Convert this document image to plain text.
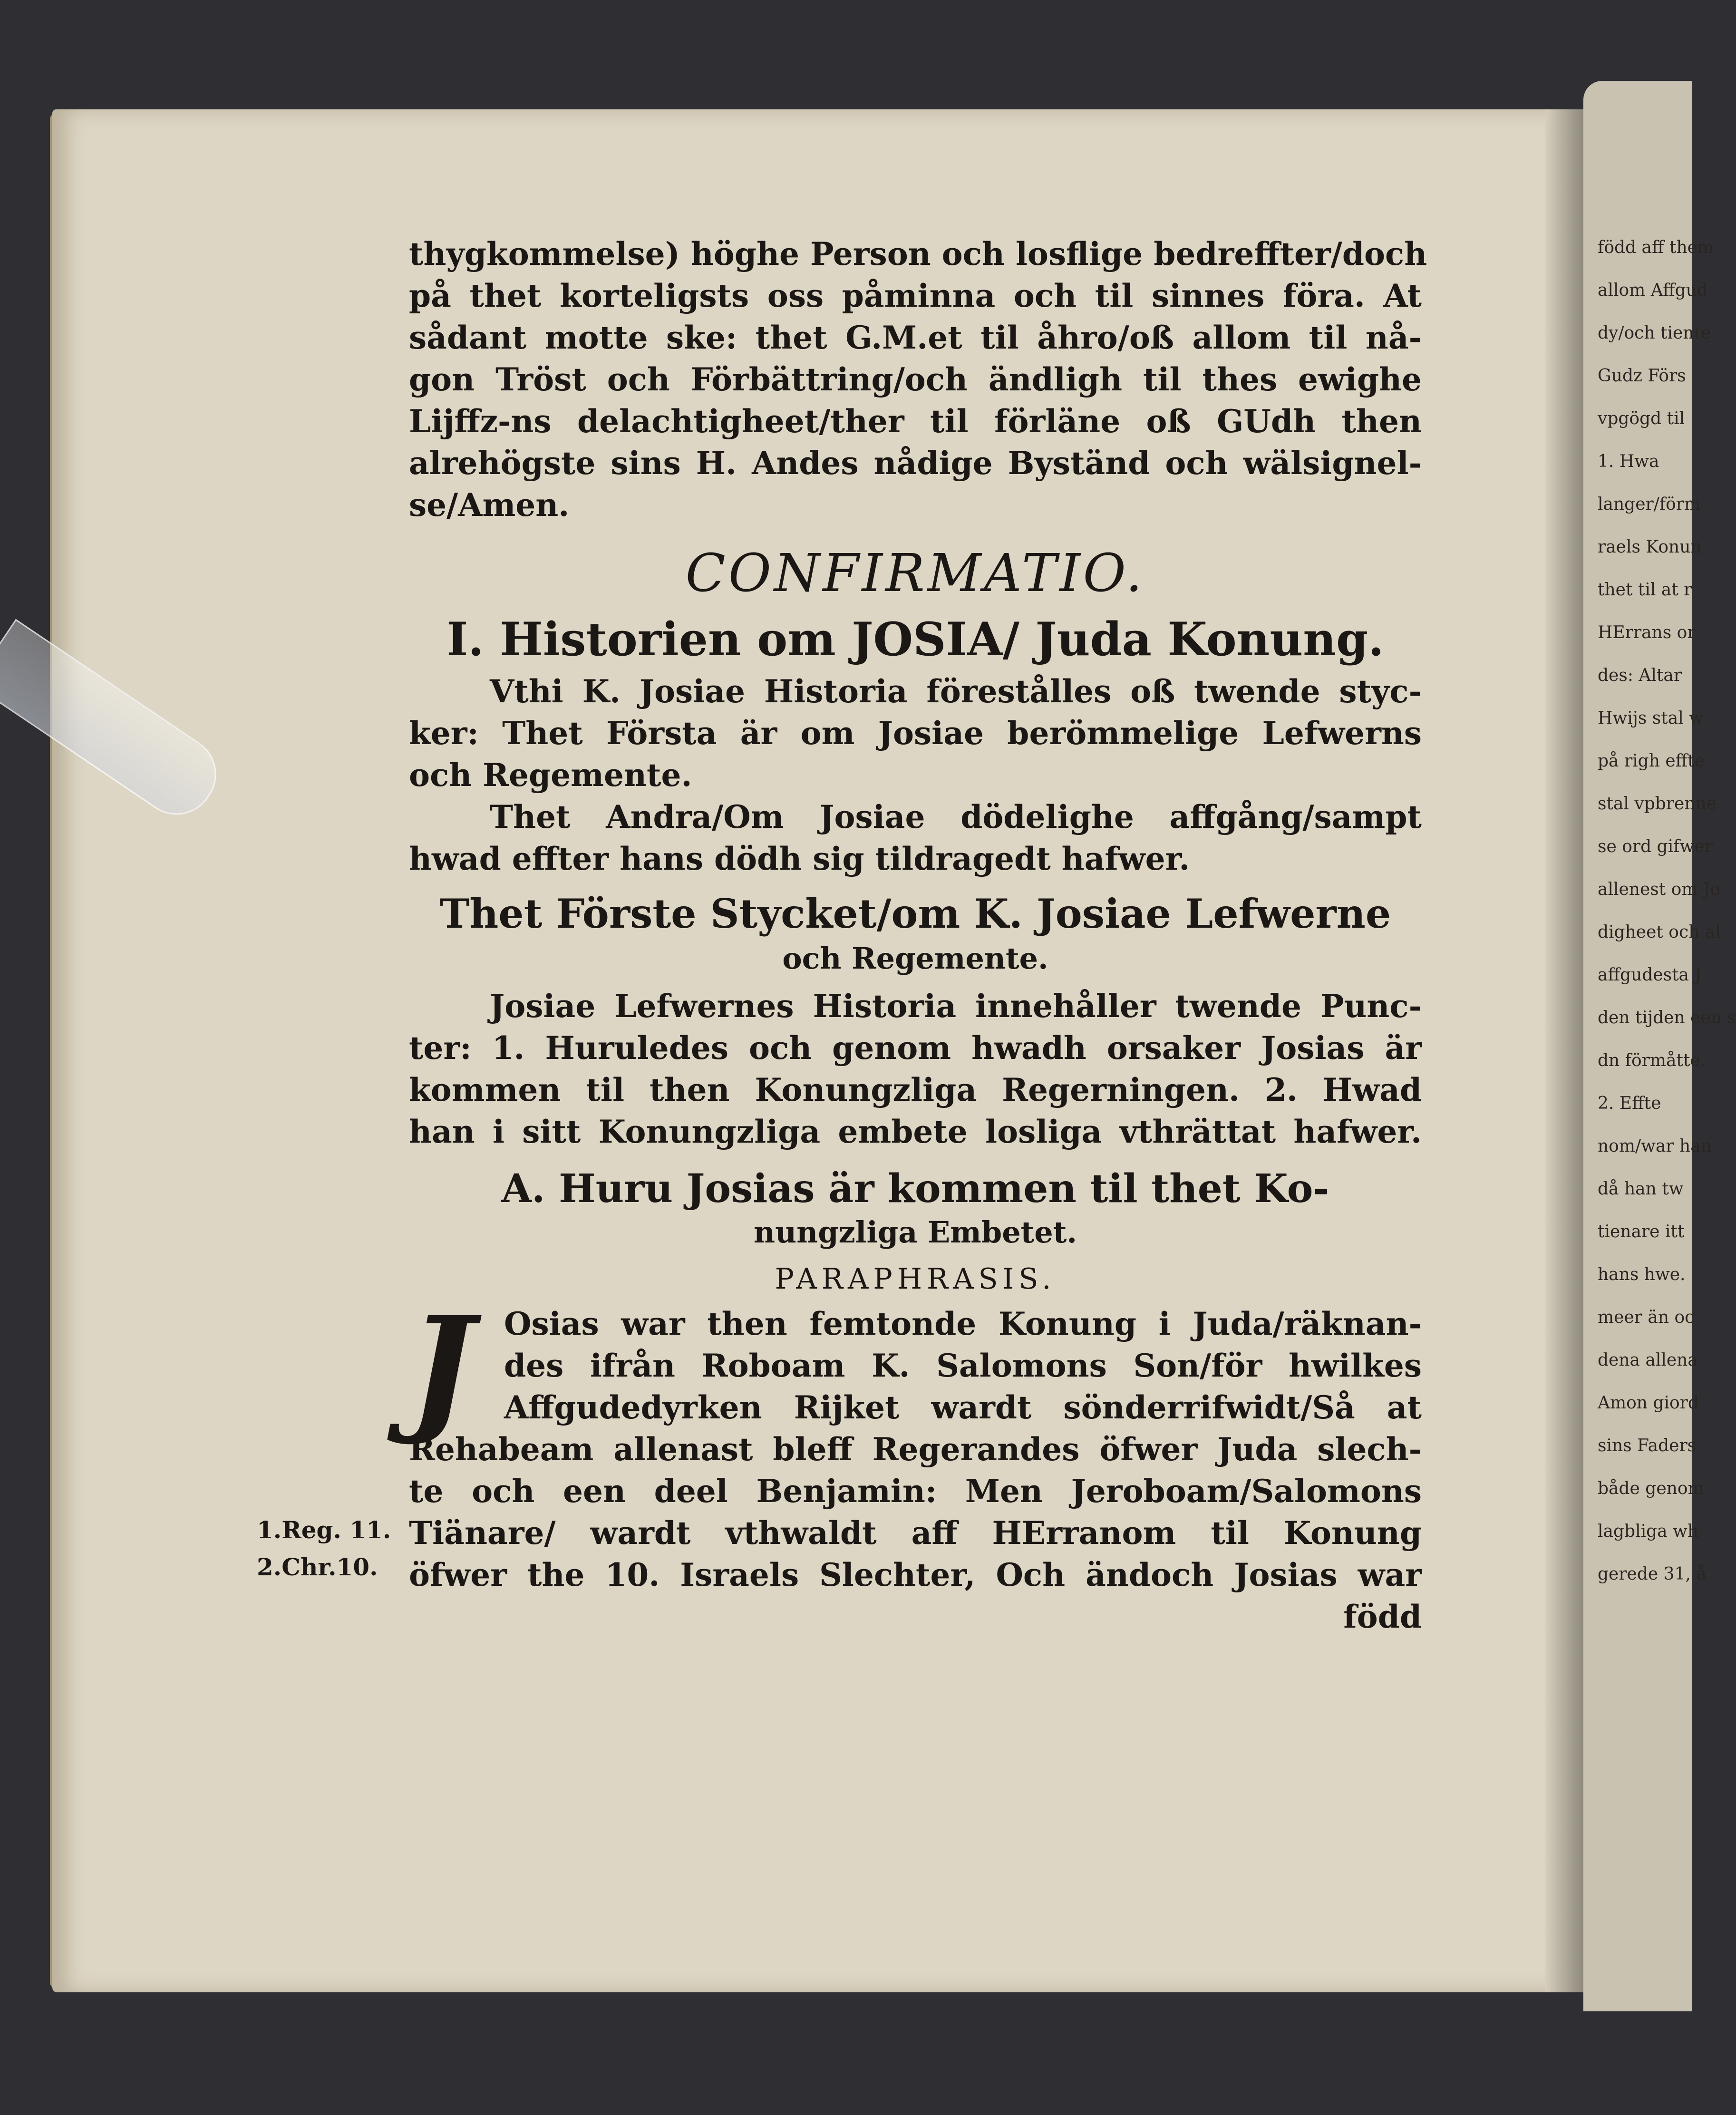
född aff them
allom Affgud
dy/och tiente
Gudz Förs
vpgögd til
1. Hwa
langer/förm
raels Konun
thet til at r
HErrans or
des: Altar
Hwijs stal w
på righ effte
stal vpbrenne
se ord gifwer
allenest om Jo
digheet och al
affgudesta J
den tijden een s
dn förmåtte.
2. Effte
nom/war han
då han tw
tienare itt
hans hwe.
meer än oc
dena allena
Amon giord
sins Faders
både genom
lagbliga wh
gerede 31, å
1.Reg. 11.
2.Chr.10.
thygkommelse) höghe Person och losflige bedreffter/doch
på thet korteligsts oss påminna och til sinnes föra. At
sådant motte ske: thet G.M.et til åhro/oß allom til nå-
gon Tröst och Förbättring/och ändligh til thes ewighe
Lijffz-ns delachtigheet/ther til förläne oß GUdh then
alrehögste sins H. Andes nådige Byständ och wälsignel-
se/Amen.
CONFIRMATIO.
I. Historien om JOSIA/ Juda Konung.
Vthi K. Josiae Historia förestålles oß twende styc-
ker: Thet Första är om Josiae berömmelige Lefwerns
och Regemente.
Thet Andra/Om Josiae dödelighe affgång/sampt
hwad effter hans dödh sig tildragedt hafwer.
Thet Förste Stycket/om K. Josiae Lefwerne
och Regemente.
Josiae Lefwernes Historia innehåller twende Punc-
ter: 1. Huruledes och genom hwadh orsaker Josias är
kommen til then Konungzliga Regerningen. 2. Hwad
han i sitt Konungzliga embete losliga vthrättat hafwer.
A. Huru Josias är kommen til thet Ko-
nungzliga Embetet.
PARAPHRASIS.
J Osias war then femtonde Konung i Juda/räknan-
des ifrån Roboam K. Salomons Son/för hwilkes
Affgudedyrken Rijket wardt sönderrifwidt/Så at
Rehabeam allenast bleff Regerandes öfwer Juda slech-
te och een deel Benjamin: Men Jeroboam/Salomons
Tiänare/ wardt vthwaldt aff HErranom til Konung
öfwer the 10. Israels Slechter, Och ändoch Josias war
född
